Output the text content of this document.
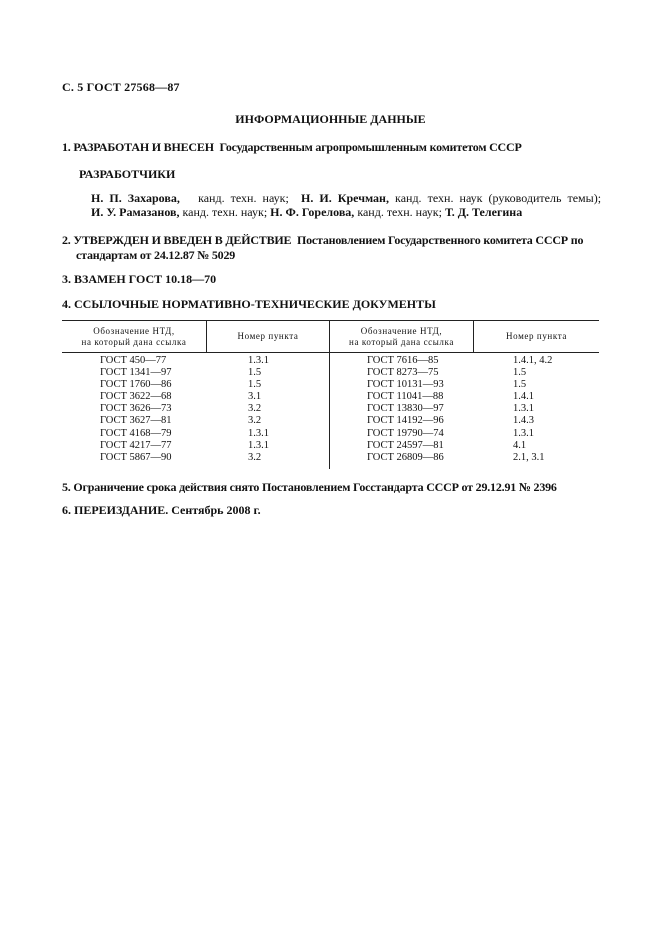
С. 5 ГОСТ 27568—87
ИНФОРМАЦИОННЫЕ ДАННЫЕ
1. РАЗРАБОТАН И ВНЕСЕН Государственным агропромышленным комитетом СССР
РАЗРАБОТЧИКИ
Н. П. Захарова, канд. техн. наук; Н. И. Кречман, канд. техн. наук (руководитель темы);
И. У. Рамазанов, канд. техн. наук; Н. Ф. Горелова, канд. техн. наук; Т. Д. Телегина
2. УТВЕРЖДЕН И ВВЕДЕН В ДЕЙСТВИЕ Постановлением Государственного комитета СССР по
стандартам от 24.12.87 № 5029
3. ВЗАМЕН ГОСТ 10.18—70
4. ССЫЛОЧНЫЕ НОРМАТИВНО-ТЕХНИЧЕСКИЕ ДОКУМЕНТЫ
Обозначение НТД,
на который дана ссылка
Номер пункта
Обозначение НТД,
на который дана ссылка
Номер пункта
ГОСТ 450—77
ГОСТ 1341—97
ГОСТ 1760—86
ГОСТ 3622—68
ГОСТ 3626—73
ГОСТ 3627—81
ГОСТ 4168—79
ГОСТ 4217—77
ГОСТ 5867—90
1.3.1
1.5
1.5
3.1
3.2
3.2
1.3.1
1.3.1
3.2
ГОСТ 7616—85
ГОСТ 8273—75
ГОСТ 10131—93
ГОСТ 11041—88
ГОСТ 13830—97
ГОСТ 14192—96
ГОСТ 19790—74
ГОСТ 24597—81
ГОСТ 26809—86
1.4.1, 4.2
1.5
1.5
1.4.1
1.3.1
1.4.3
1.3.1
4.1
2.1, 3.1
5. Ограничение срока действия снято Постановлением Госстандарта СССР от 29.12.91 № 2396
6. ПЕРЕИЗДАНИЕ. Сентябрь 2008 г.
